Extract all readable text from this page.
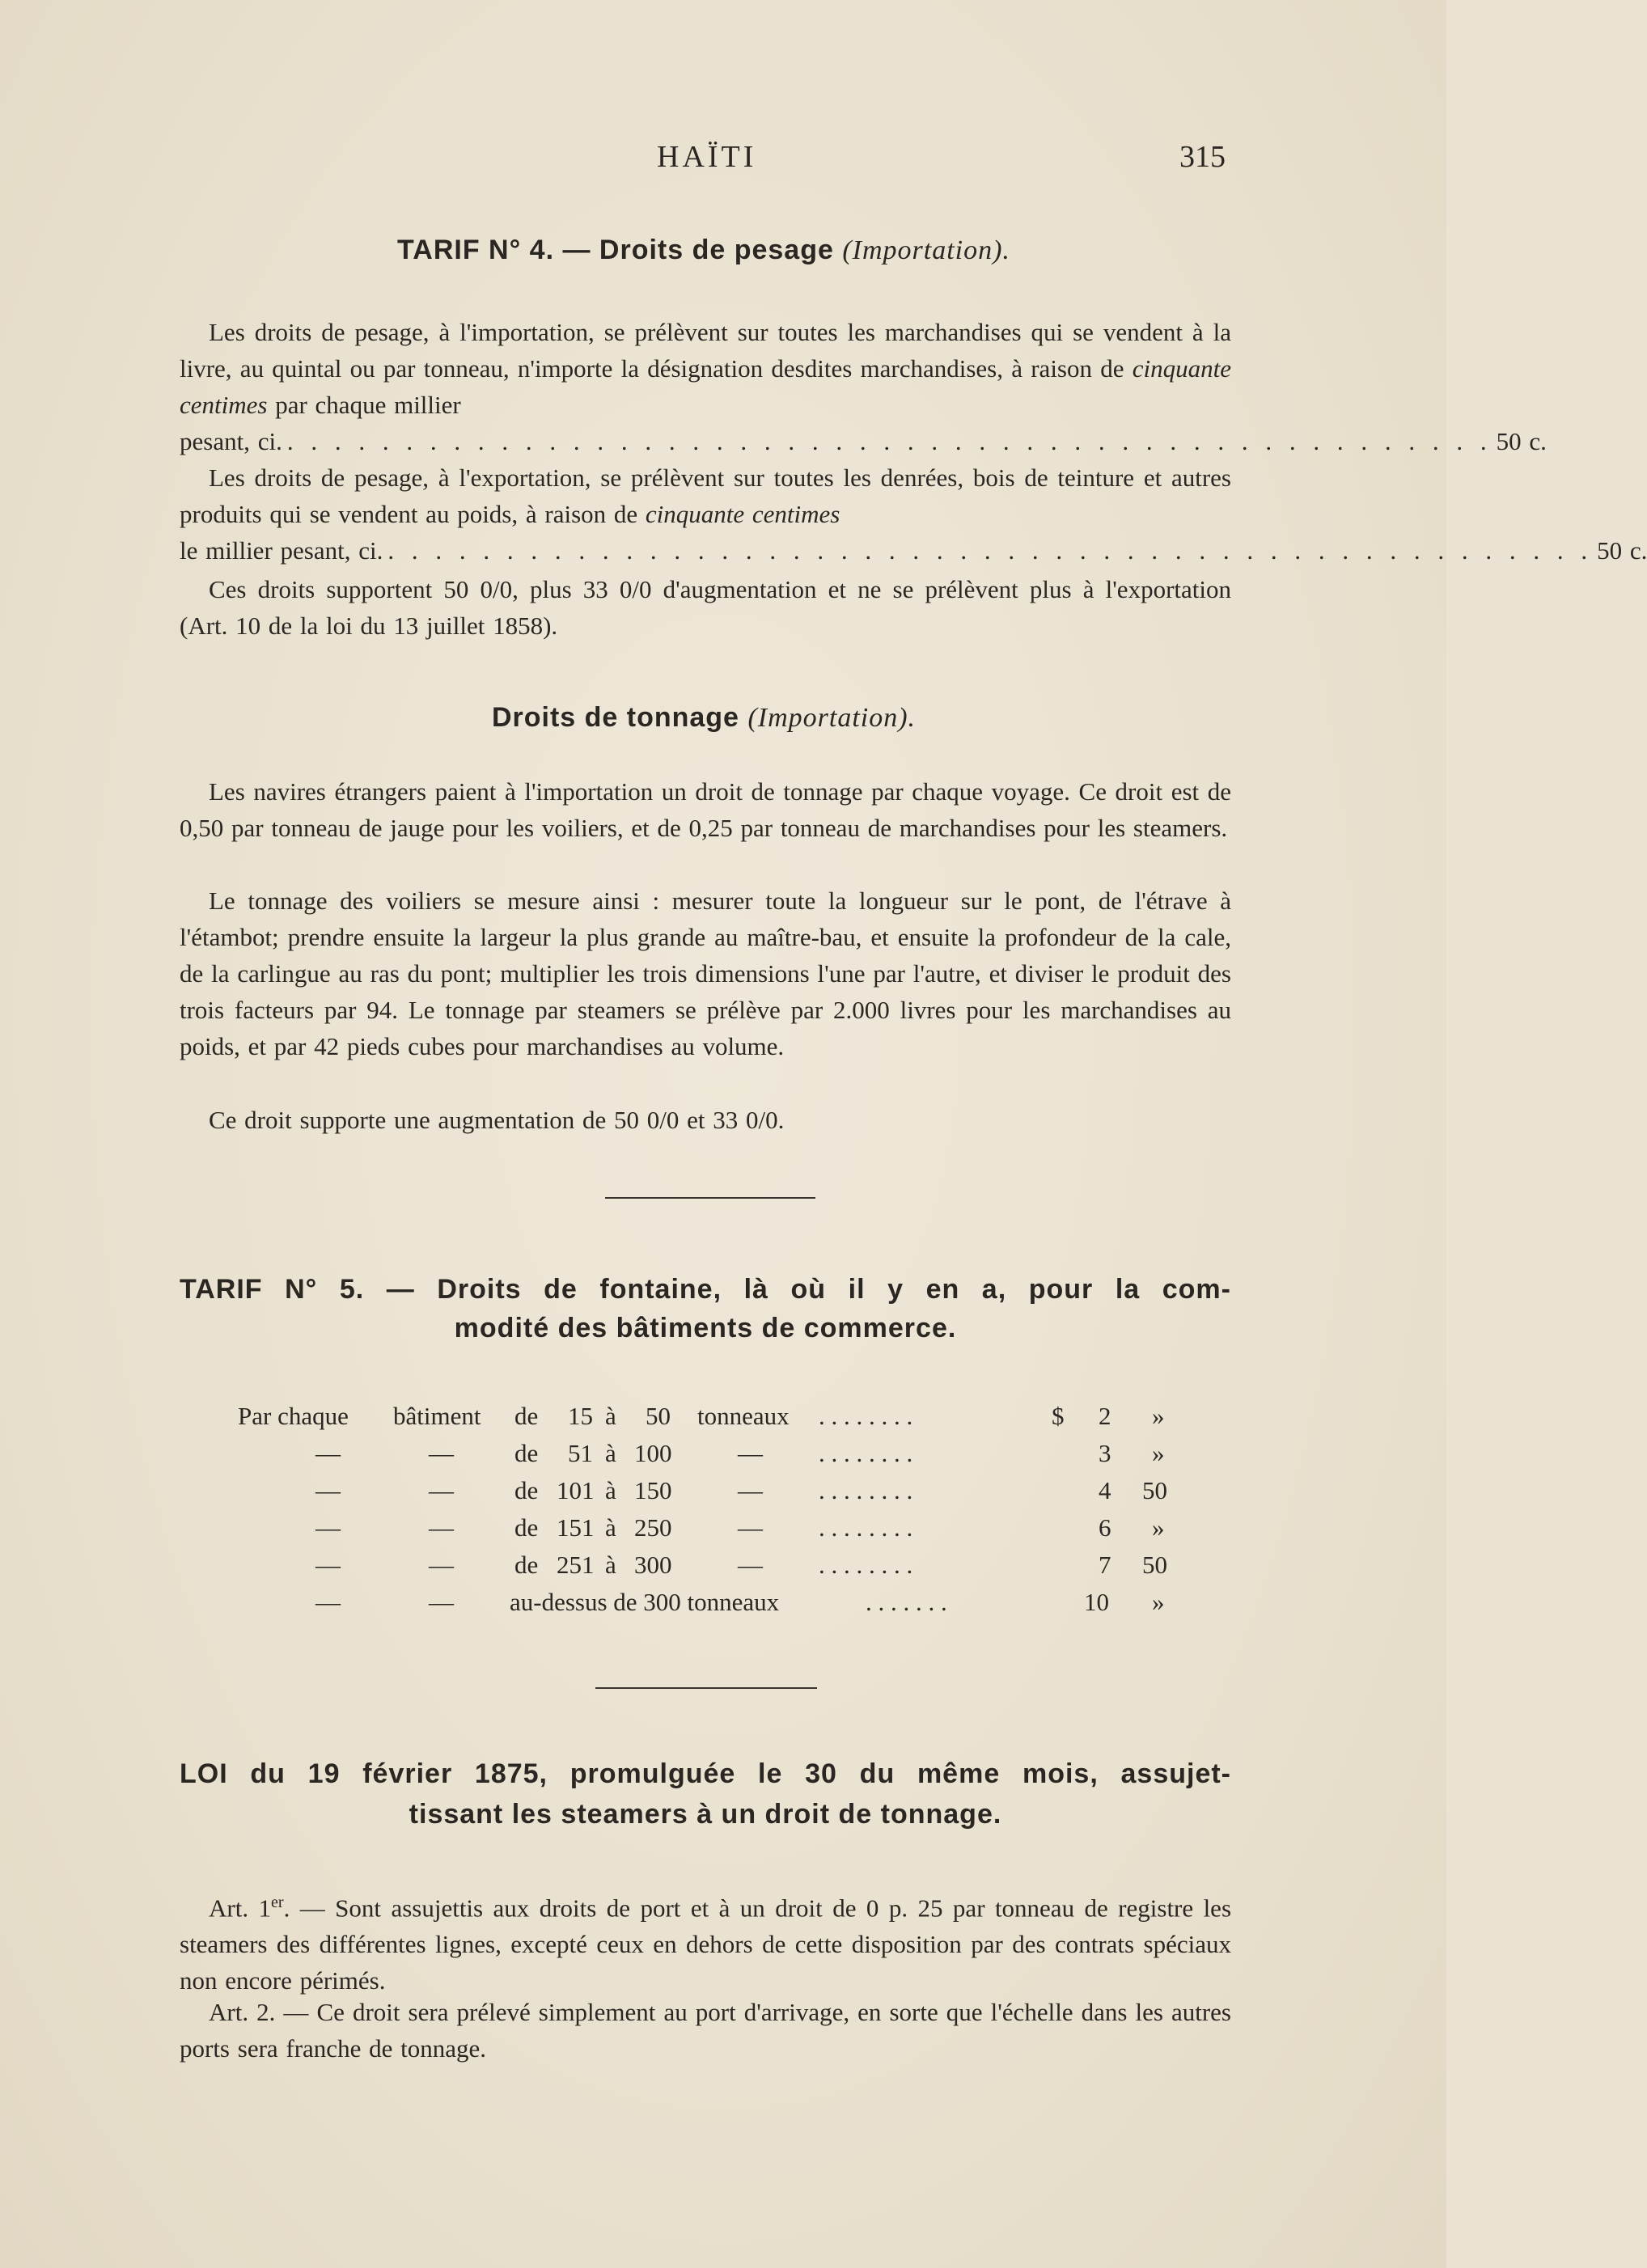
HAÏTI	315
TARIF N° 4. — Droits de pesage (Importation).
Les droits de pesage, à l'importation, se prélèvent sur toutes les marchandises qui se vendent à la livre, au quintal ou par tonneau, n'importe la désignation desdites marchandises, à raison de cinquante centimes par chaque millier
pesant, ci. . . . . . . . . . . . . . . . . . . . . . . . . . . . . . . . . . . . . . . . . . . . . . . . . . . . 50 c.
Les droits de pesage, à l'exportation, se prélèvent sur toutes les denrées, bois de teinture et autres produits qui se vendent au poids, à raison de cinquante centimes
le millier pesant, ci. . . . . . . . . . . . . . . . . . . . . . . . . . . . . . . . . . . . . . . . . . . . . . . . . . . . 50 c.
Ces droits supportent 50 0/0, plus 33 0/0 d'augmentation et ne se prélèvent plus à l'exportation (Art. 10 de la loi du 13 juillet 1858).
Droits de tonnage (Importation).
Les navires étrangers paient à l'importation un droit de tonnage par chaque voyage. Ce droit est de 0,50 par tonneau de jauge pour les voiliers, et de 0,25 par tonneau de marchandises pour les steamers.
Le tonnage des voiliers se mesure ainsi : mesurer toute la longueur sur le pont, de l'étrave à l'étambot; prendre ensuite la largeur la plus grande au maître-bau, et ensuite la profondeur de la cale, de la carlingue au ras du pont; multiplier les trois dimensions l'une par l'autre, et diviser le produit des trois facteurs par 94. Le tonnage par steamers se prélève par 2.000 livres pour les marchandises au poids, et par 42 pieds cubes pour marchandises au volume.
Ce droit supporte une augmentation de 50 0/0 et 33 0/0.
TARIF N° 5. — Droits de fontaine, là où il y en a, pour la com-
modité des bâtiments de commerce.
Par chaque bâtiment de 15 à 50 tonneaux . . . . . . . .	$ 2 »
—	— de 51 à 100	— . . . . . . . .	3 »
—	— de 101 à 150	— . . . . . . . .	4 50
—	— de 151 à 250	— . . . . . . . .	6 »
—	— de 251 à 300	— . . . . . . . .	7 50
—	— au-dessus de 300 tonneaux	. . . . . . .	10 »
LOI du 19 février 1875, promulguée le 30 du même mois, assujet-
tissant les steamers à un droit de tonnage.
Art. 1er. — Sont assujettis aux droits de port et à un droit de 0 p. 25 par tonneau de registre les steamers des différentes lignes, excepté ceux en dehors de cette disposition par des contrats spéciaux non encore périmés.
Art. 2. — Ce droit sera prélevé simplement au port d'arrivage, en sorte que l'échelle dans les autres ports sera franche de tonnage.
